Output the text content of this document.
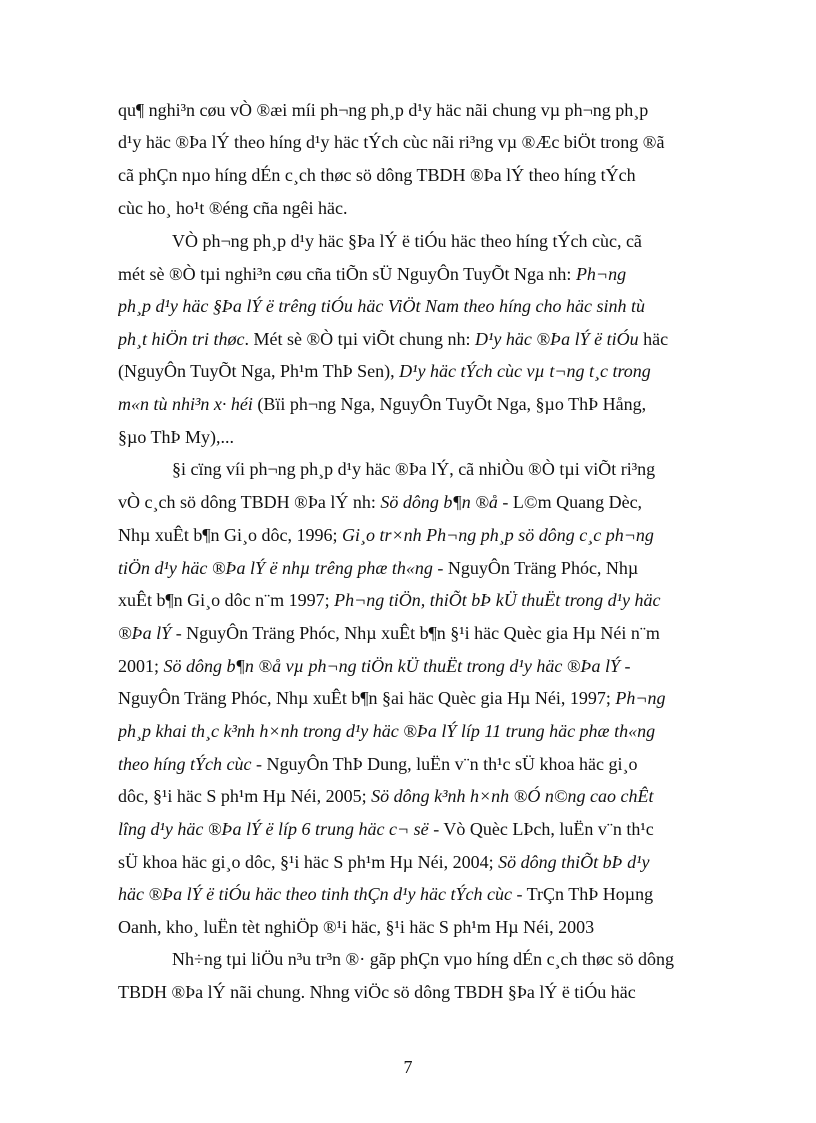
qu¶ nghi³n cøu vÒ ®æi míi ph¬ng ph¸p d¹y häc nãi chung vµ ph¬ng ph¸p
d¹y häc ®Þa lÝ theo híng d¹y häc tÝch cùc nãi ri³ng vµ ®Æc biÖt trong ®ã
cã phÇn nµo híng dÉn c¸ch thøc sö dông TBDH ®Þa lÝ theo híng tÝch
cùc ho¸ ho¹t ®éng cña ngêi häc.
VÒ ph¬ng ph¸p d¹y häc §Þa lÝ ë tiÓu häc theo híng tÝch cùc, cã
mét sè ®Ò tµi nghi³n cøu cña tiÕn sÜ NguyÔn TuyÕt Nga nh: Ph¬ng
ph¸p d¹y häc §Þa lÝ ë trêng tiÓu häc ViÖt Nam theo híng cho häc sinh tù
ph¸t hiÖn tri thøc. Mét sè ®Ò tµi viÕt chung nh: D¹y häc ®Þa lÝ ë tiÓu häc
(NguyÔn TuyÕt Nga, Ph¹m ThÞ Sen), D¹y häc tÝch cùc vµ t¬ng t¸c trong
m«n tù nhi³n x· héi (Bïi ph¬ng Nga, NguyÔn TuyÕt Nga, §µo ThÞ Hång,
§µo ThÞ My),...
§i cïng víi ph¬ng ph¸p d¹y häc ®Þa lÝ, cã nhiÒu ®Ò tµi viÕt ri³ng
vÒ c¸ch sö dông TBDH ®Þa lÝ nh: Sö dông b¶n ®å - L©m Quang Dèc,
Nhµ xuÊt b¶n Gi¸o dôc, 1996; Gi¸o tr×nh Ph¬ng ph¸p sö dông c¸c ph¬ng
tiÖn d¹y häc ®Þa lÝ ë nhµ trêng phæ th«ng - NguyÔn Träng Phóc, Nhµ
xuÊt b¶n Gi¸o dôc n¨m 1997; Ph¬ng tiÖn, thiÕt bÞ kÜ thuËt trong d¹y häc
®Þa lÝ - NguyÔn Träng Phóc, Nhµ xuÊt b¶n §¹i häc Quèc gia Hµ Néi n¨m
2001; Sö dông b¶n ®å vµ ph¬ng tiÖn kÜ thuËt trong d¹y häc ®Þa lÝ -
NguyÔn Träng Phóc, Nhµ xuÊt b¶n §ai häc Quèc gia Hµ Néi, 1997; Ph¬ng
ph¸p khai th¸c k³nh h×nh trong d¹y häc ®Þa lÝ líp 11 trung häc phæ th«ng
theo híng tÝch cùc - NguyÔn ThÞ Dung, luËn v¨n th¹c sÜ khoa häc gi¸o
dôc, §¹i häc S ph¹m Hµ Néi, 2005; Sö dông k³nh h×nh ®Ó n©ng cao chÊt
lîng d¹y häc ®Þa lÝ ë líp 6 trung häc c¬ së - Vò Quèc LÞch, luËn v¨n th¹c
sÜ khoa häc gi¸o dôc, §¹i häc S ph¹m Hµ Néi, 2004; Sö dông thiÕt bÞ d¹y
häc ®Þa lÝ ë tiÓu häc theo tinh thÇn d¹y häc tÝch cùc - TrÇn ThÞ Hoµng
Oanh, kho¸ luËn tèt nghiÖp ®¹i häc, §¹i häc S ph¹m Hµ Néi, 2003
Nh÷ng tµi liÖu n³u tr³n ®· gãp phÇn vµo híng dÉn c¸ch thøc sö dông
TBDH ®Þa lÝ nãi chung. Nhng viÖc sö dông TBDH §Þa lÝ ë tiÓu häc
7
